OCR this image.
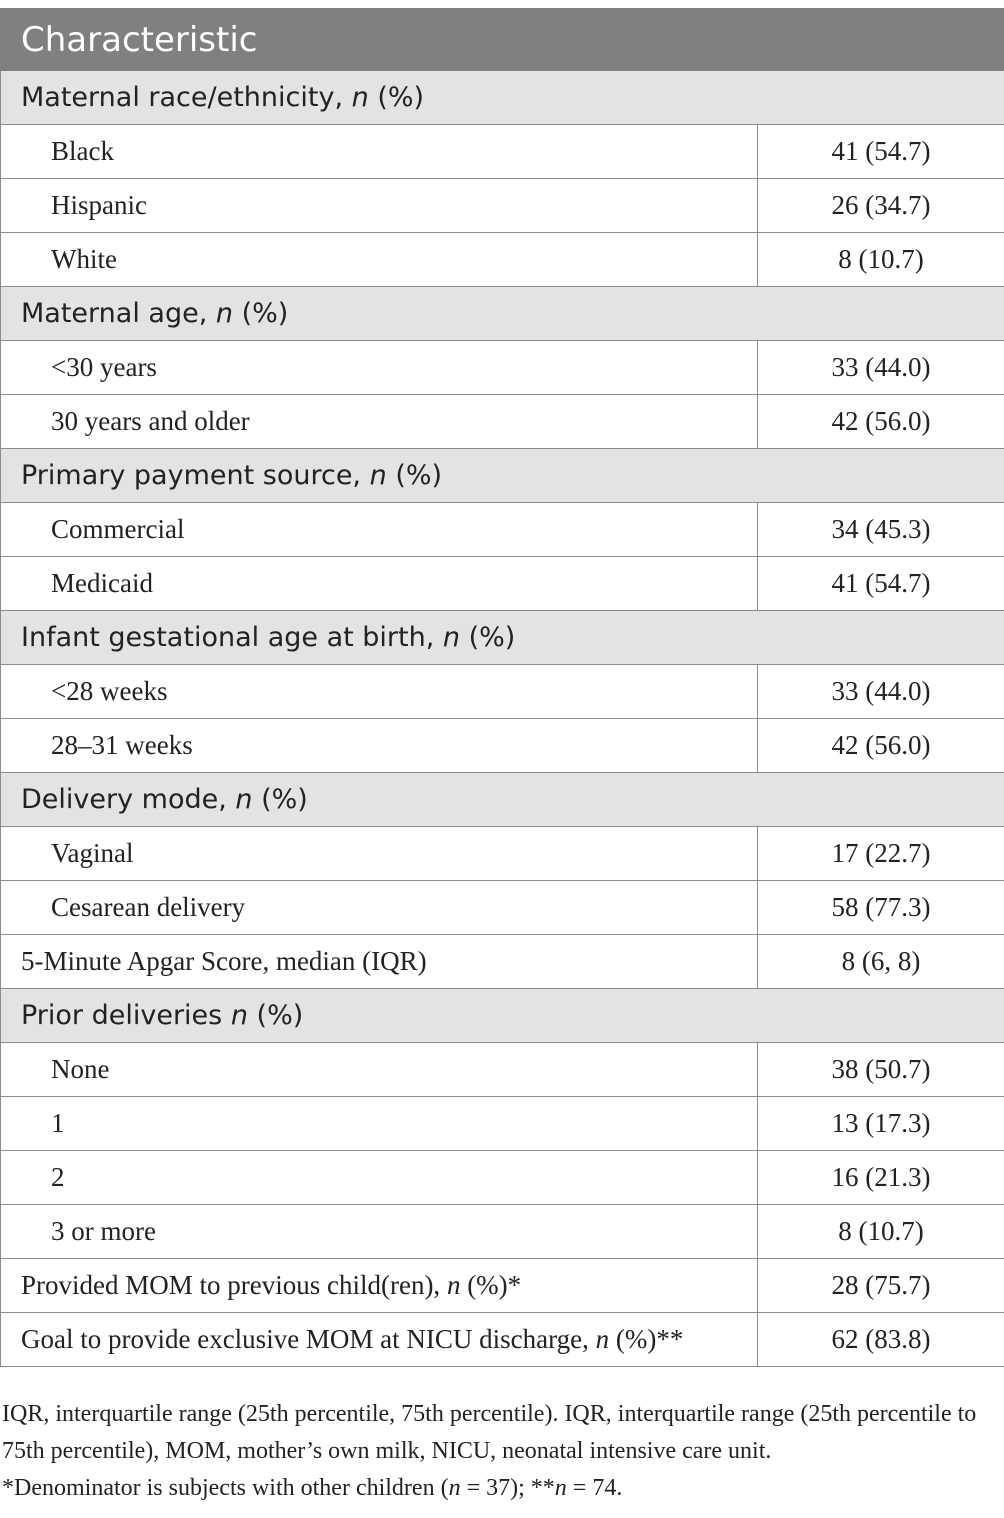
Characteristic	
Maternal race/ethnicity, n (%)	
Black	41 (54.7)
Hispanic	26 (34.7)
White	8 (10.7)
Maternal age, n (%)	
<30 years	33 (44.0)
30 years and older	42 (56.0)
Primary payment source, n (%)	
Commercial	34 (45.3)
Medicaid	41 (54.7)
Infant gestational age at birth, n (%)	
<28 weeks	33 (44.0)
28–31 weeks	42 (56.0)
Delivery mode, n (%)	
Vaginal	17 (22.7)
Cesarean delivery	58 (77.3)
5-Minute Apgar Score, median (IQR)	8 (6, 8)
Prior deliveries n (%)	
None	38 (50.7)
1	13 (17.3)
2	16 (21.3)
3 or more	8 (10.7)
Provided MOM to previous child(ren), n (%)*	28 (75.7)
Goal to provide exclusive MOM at NICU discharge, n (%)**	62 (83.8)

IQR, interquartile range (25th percentile, 75th percentile). IQR, interquartile range (25th percentile to 75th percentile), MOM, mother’s own milk, NICU, neonatal intensive care unit.

*Denominator is subjects with other children (n = 37); **n = 74.
